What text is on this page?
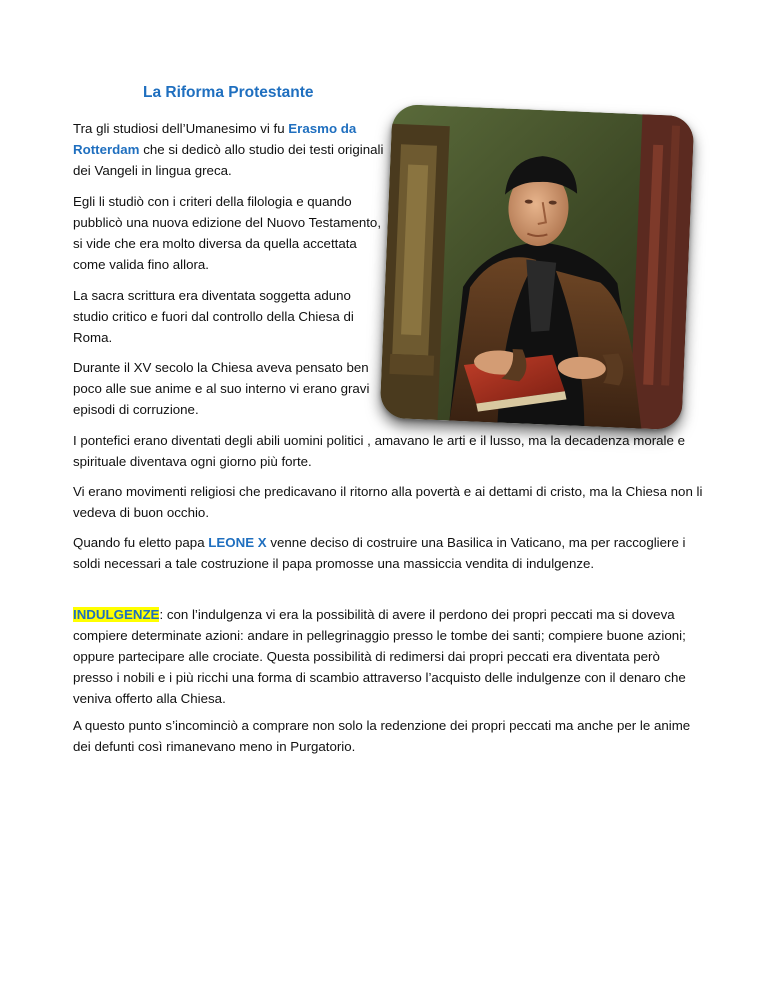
La Riforma Protestante

Tra gli studiosi dell’Umanesimo vi fu Erasmo da Rotterdam che si dedicò allo studio dei testi originali dei Vangeli in lingua greca.

Egli li studiò con i criteri della filologia e quando pubblicò una nuova edizione del Nuovo Testamento, si vide che era molto diversa da quella accettata come valida fino allora.

La sacra scrittura era diventata soggetta aduno studio critico e fuori dal controllo della Chiesa di Roma.

Durante il XV secolo la Chiesa aveva pensato ben poco alle sue anime e al suo interno vi erano gravi episodi di corruzione.

I pontefici erano diventati degli abili uomini politici , amavano le arti e il lusso, ma la decadenza morale e spirituale diventava ogni giorno più forte.

Vi erano movimenti religiosi che predicavano il ritorno alla povertà e ai dettami di cristo, ma la Chiesa non li vedeva di buon occhio.

Quando fu eletto papa LEONE X venne deciso di costruire una Basilica in Vaticano, ma per raccogliere i soldi necessari a tale costruzione il papa promosse una massiccia vendita di indulgenze.

INDULGENZE: con l’indulgenza vi era la possibilità di avere il perdono dei propri peccati ma si doveva compiere determinate azioni: andare in pellegrinaggio presso le tombe dei santi; compiere buone azioni; oppure partecipare alle crociate. Questa possibilità di redimersi dai propri peccati era diventata però presso i nobili e i più ricchi una forma di scambio attraverso l’acquisto delle indulgenze con il denaro che veniva offerto alla Chiesa.

A questo punto s’incominciò a comprare non solo la redenzione dei propri peccati ma anche per le anime dei defunti così rimanevano meno in Purgatorio.
